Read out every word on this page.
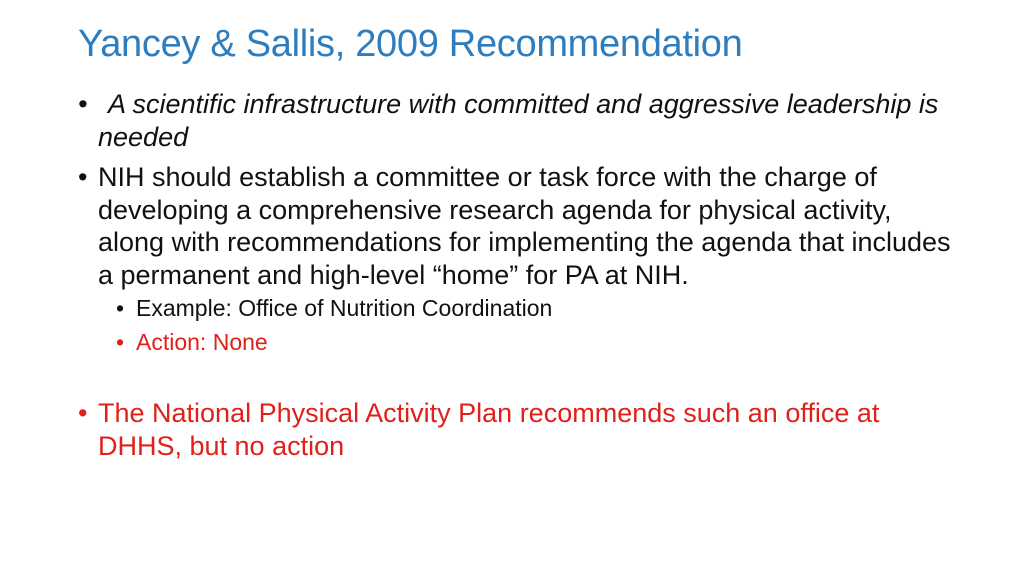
Yancey & Sallis, 2009 Recommendation
• A scientific infrastructure with committed and aggressive leadership is needed
• NIH should establish a committee or task force with the charge of developing a comprehensive research agenda for physical activity, along with recommendations for implementing the agenda that includes a permanent and high-level “home” for PA at NIH.
• Example: Office of Nutrition Coordination
• Action: None
• The National Physical Activity Plan recommends such an office at DHHS, but no action
